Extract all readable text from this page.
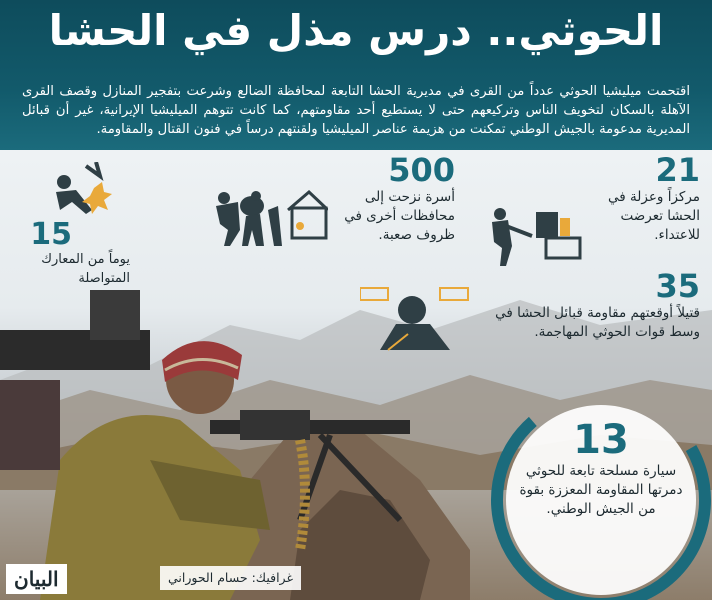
الحوثي.. درس مذل في الحشا
اقتحمت ميليشيا الحوثي عدداً من القرى في مديرية الحشا التابعة لمحافظة الضالع وشرعت بتفجير المنازل وقصف القرى الآهلة بالسكان لتخويف الناس وتركيعهم حتى لا يستطيع أحد مقاومتهم، كما كانت تتوهم الميليشيا الإيرانية، غير أن قبائل المديرية مدعومة بالجيش الوطني تمكنت من هزيمة عناصر الميليشيا ولقنتهم درساً في فنون القتال والمقاومة.
15
يوماً من المعارك المتواصلة
500
أسرة نزحت إلى محافظات أخرى في ظروف صعبة.
21
مركزاً وعزلة في الحشا تعرضت للاعتداء.
35
قتيلاً أوقعتهم مقاومة قبائل الحشا في وسط قوات الحوثي المهاجمة.
13
سيارة مسلحة تابعة للحوثي دمرتها المقاومة المعززة بقوة من الجيش الوطني.
البيان	غرافيك: حسام الحوراني
